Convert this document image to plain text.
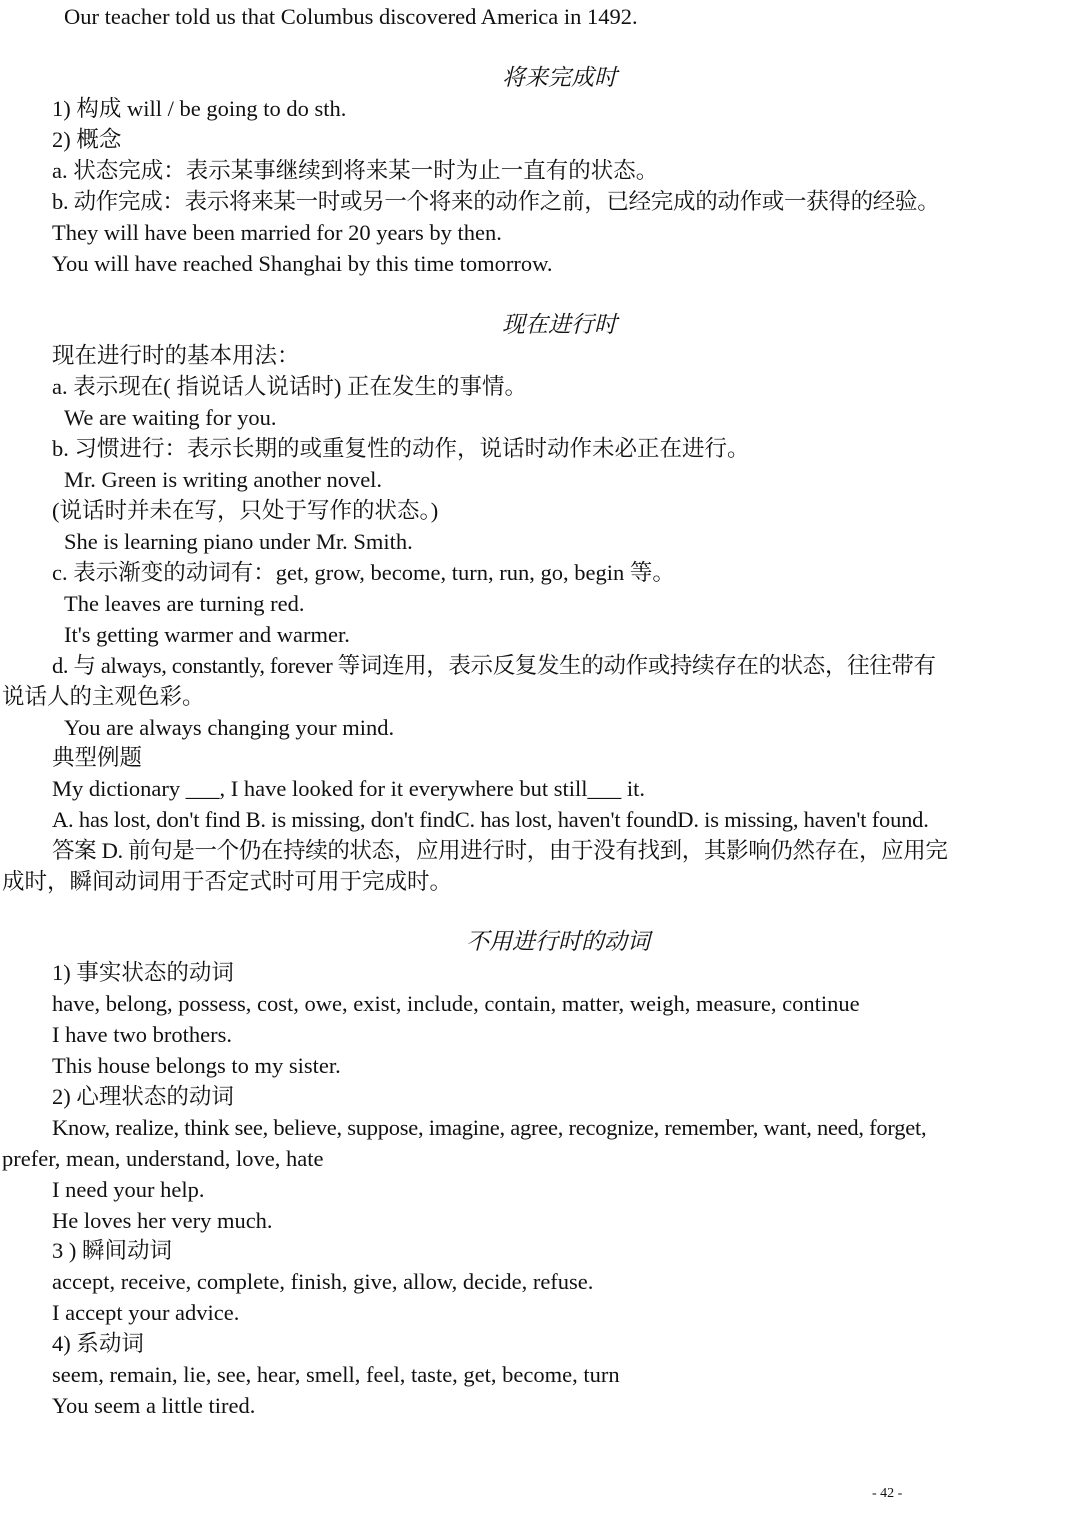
Our teacher told us that Columbus discovered America in 1492.
将来完成时
1) 构成 will / be going to do sth.
2) 概念
a. 状态完成：表示某事继续到将来某一时为止一直有的状态。
b. 动作完成：表示将来某一时或另一个将来的动作之前，已经完成的动作或一获得的经验。
They will have been married for 20 years by then.
You will have reached Shanghai by this time tomorrow.
现在进行时
现在进行时的基本用法：
a. 表示现在( 指说话人说话时) 正在发生的事情。
We are waiting for you.
b. 习惯进行：表示长期的或重复性的动作，说话时动作未必正在进行。
Mr. Green is writing another novel.
(说话时并未在写，只处于写作的状态。)
She is learning piano under Mr. Smith.
c. 表示渐变的动词有：get, grow, become, turn, run, go, begin 等。
The leaves are turning red.
It's getting warmer and warmer.
d. 与 always, constantly, forever 等词连用，表示反复发生的动作或持续存在的状态，往往带有
说话人的主观色彩。
You are always changing your mind.
典型例题
My dictionary ___, I have looked for it everywhere but still___ it.
A. has lost, don't find B. is missing, don't findC. has lost, haven't foundD. is missing, haven't found.
答案 D. 前句是一个仍在持续的状态，应用进行时，由于没有找到，其影响仍然存在，应用完
成时，瞬间动词用于否定式时可用于完成时。
不用进行时的动词
1) 事实状态的动词
have, belong, possess, cost, owe, exist, include, contain, matter, weigh, measure, continue
I have two brothers.
This house belongs to my sister.
2) 心理状态的动词
Know, realize, think see, believe, suppose, imagine, agree, recognize, remember, want, need, forget,
prefer, mean, understand, love, hate
I need your help.
He loves her very much.
3 ) 瞬间动词
accept, receive, complete, finish, give, allow, decide, refuse.
I accept your advice.
4) 系动词
seem, remain, lie, see, hear, smell, feel, taste, get, become, turn
You seem a little tired.
- 42 -
